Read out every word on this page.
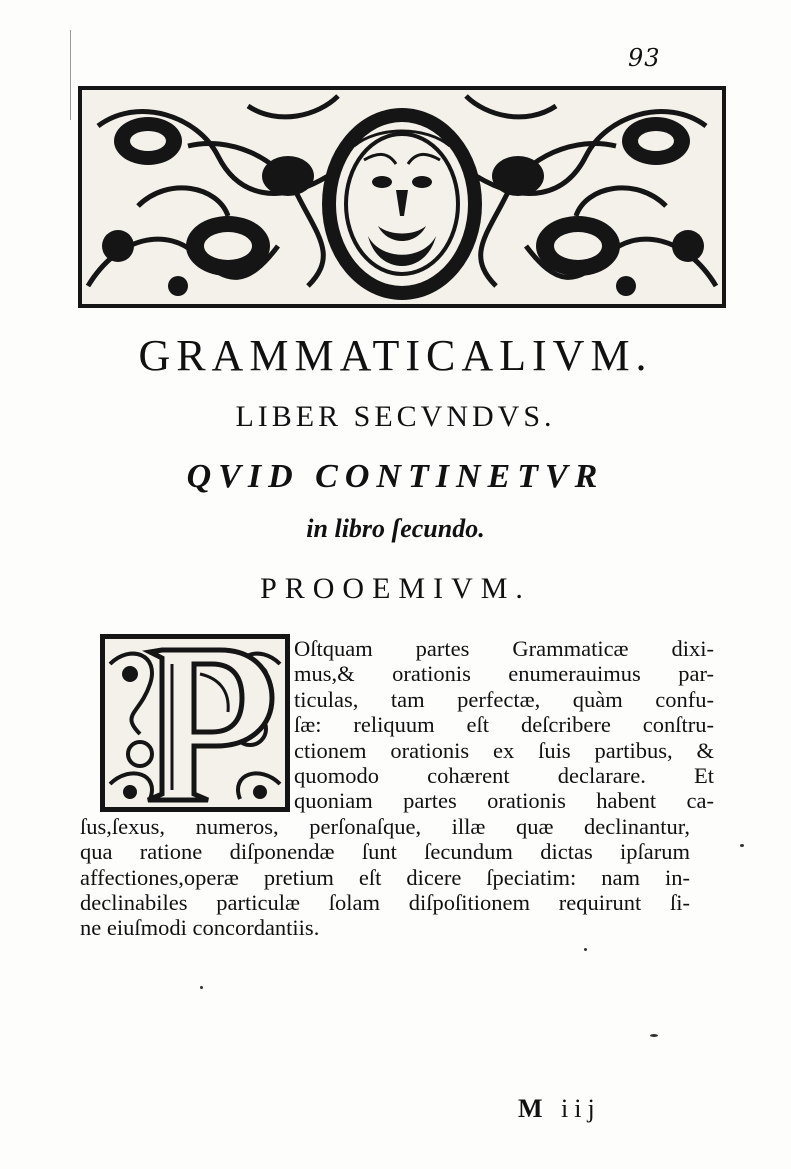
93
GRAMMATICALIVM.
LIBER SECVNDVS.
QVID CONTINETVR
in libro ſecundo.
PROOEMIVM.
Oſtquam partes Grammaticæ dixi-
mus,& orationis enumerauimus par-
ticulas, tam perfectæ, quàm confu-
ſæ: reliquum eſt deſcribere conſtru-
ctionem orationis ex ſuis partibus, &
quomodo cohærent declarare. Et
quoniam partes orationis habent ca-
ſus,ſexus, numeros, perſonaſque, illæ quæ declinantur,
qua ratione diſponendæ ſunt ſecundum dictas ipſarum
affectiones,operæ pretium eſt dicere ſpeciatim: nam in-
declinabiles particulæ ſolam diſpoſitionem requirunt ſi-
ne eiuſmodi concordantiis.
M iij
